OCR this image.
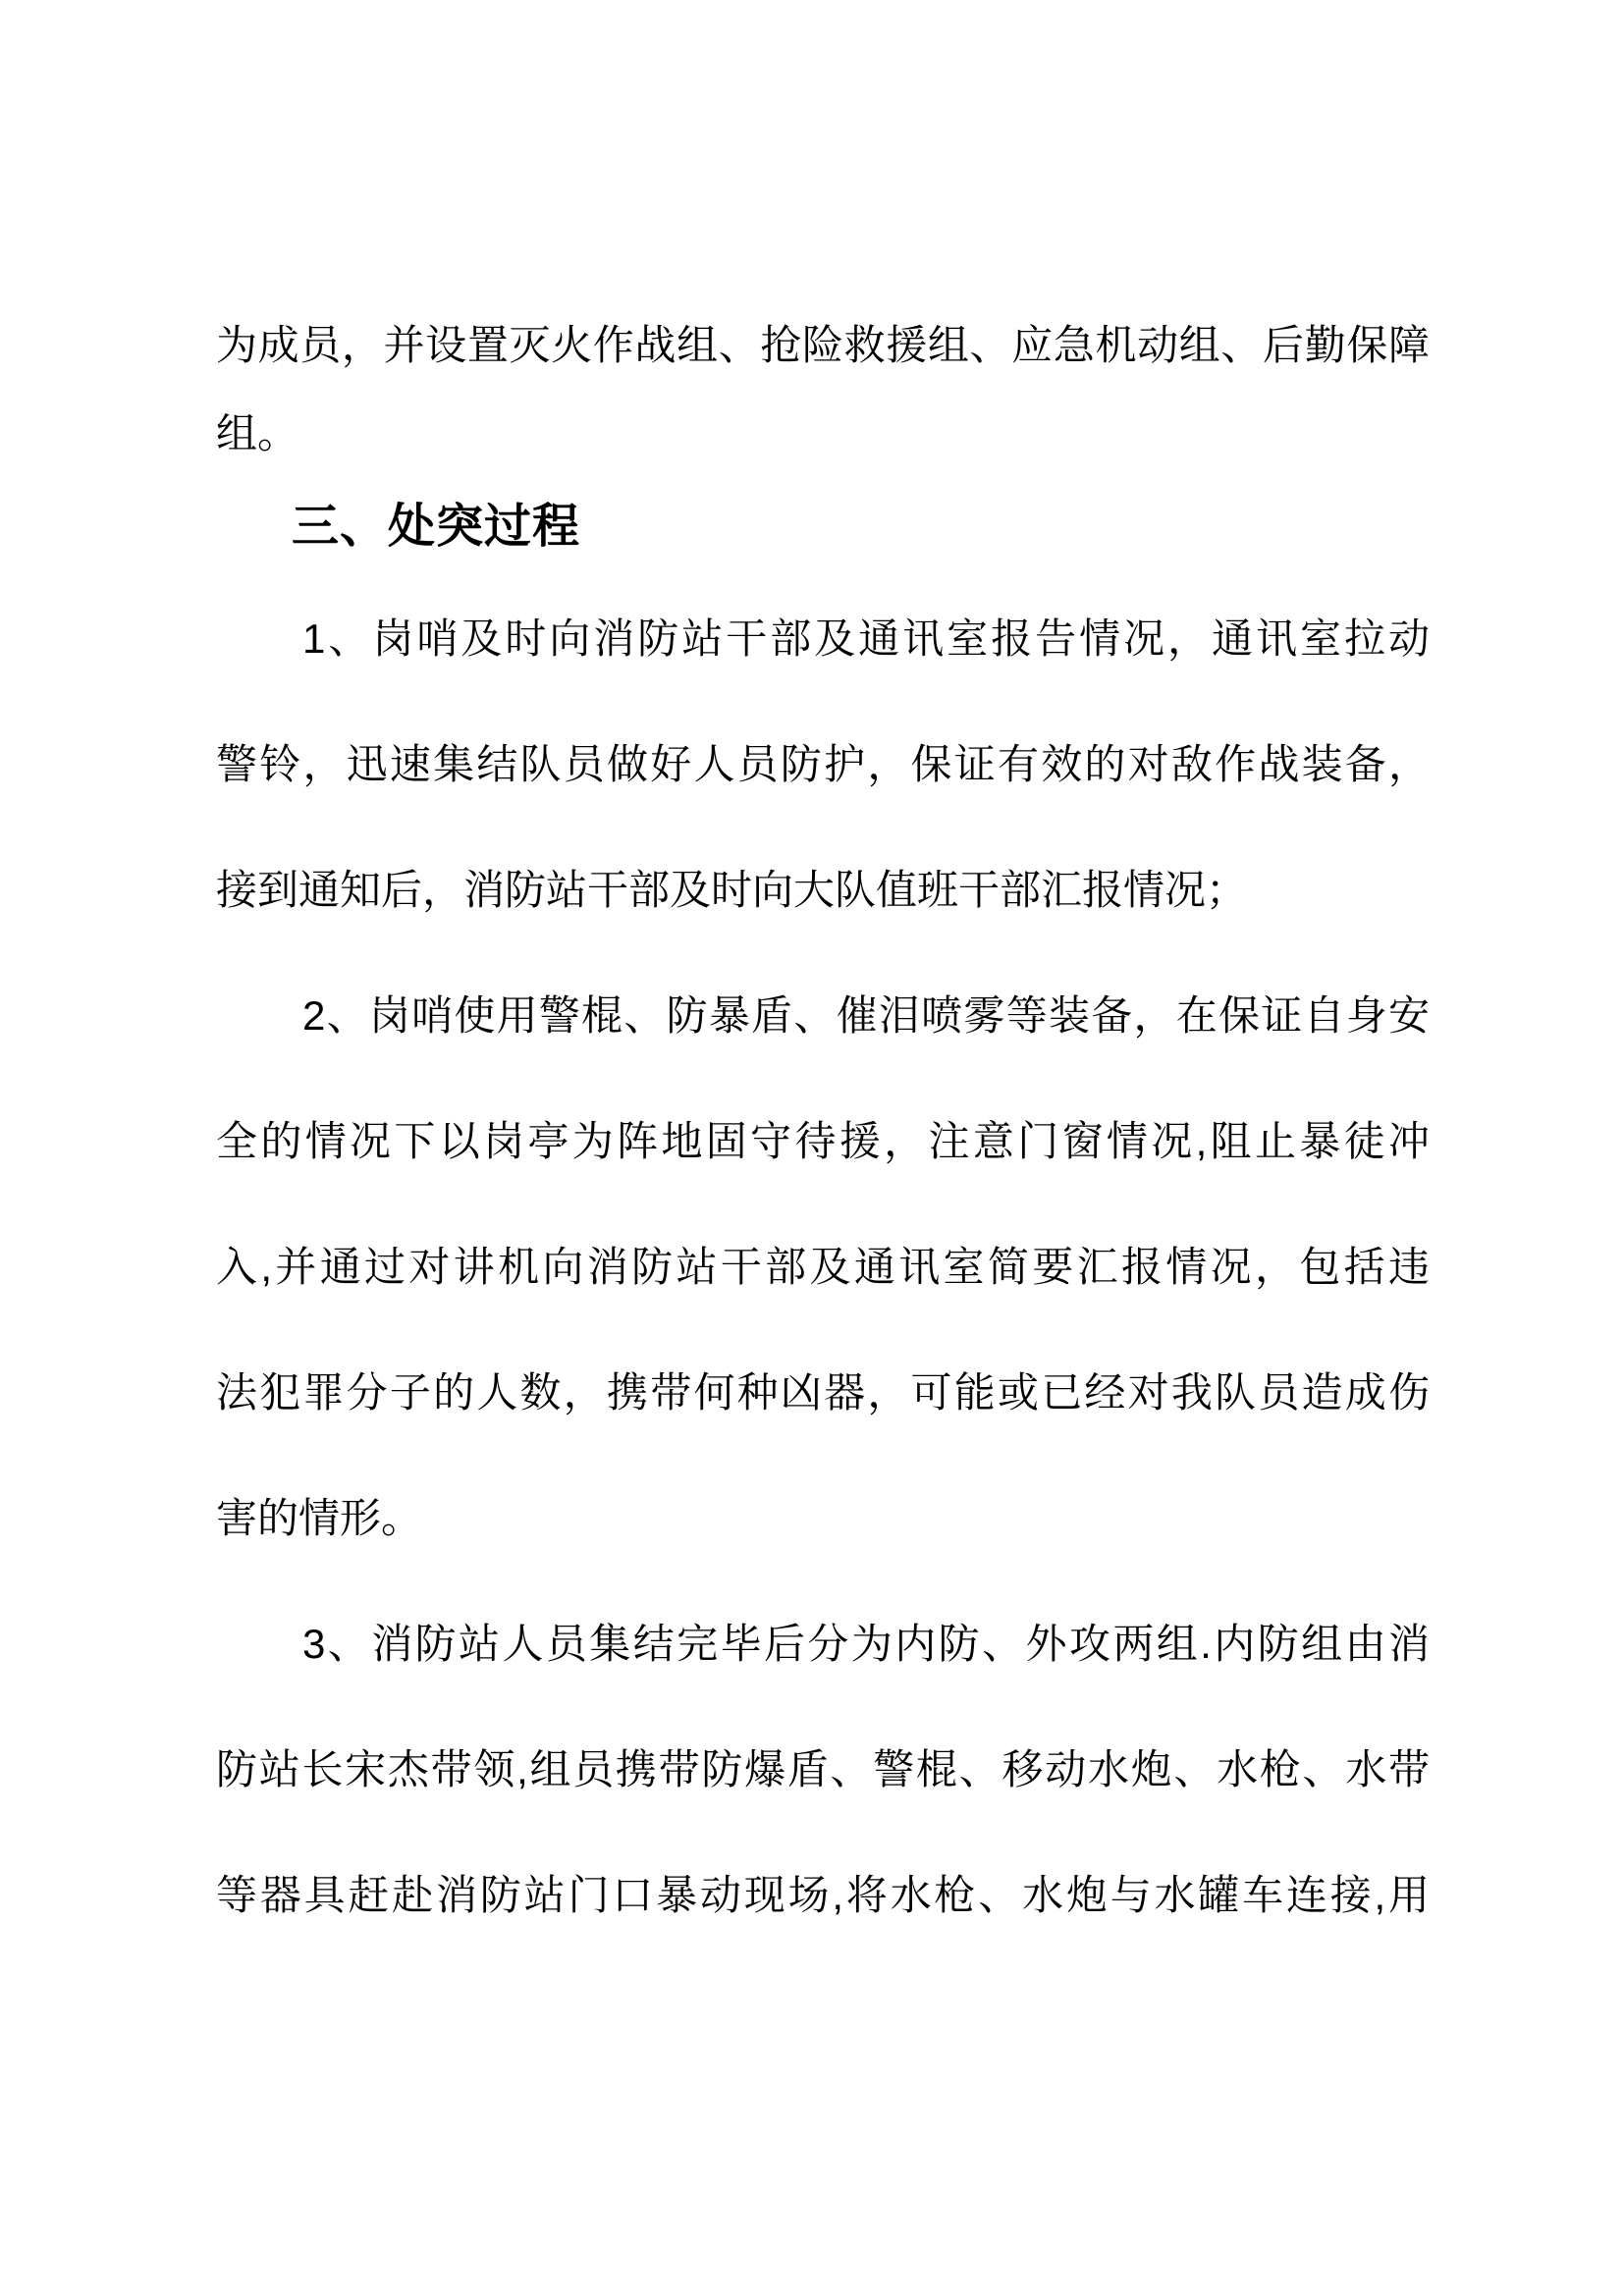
为成员，并设置灭火作战组、抢险救援组、应急机动组、后勤保障
组。

三、处突过程

1、岗哨及时向消防站干部及通讯室报告情况，通讯室拉动
警铃，迅速集结队员做好人员防护，保证有效的对敌作战装备，
接到通知后，消防站干部及时向大队值班干部汇报情况；

2、岗哨使用警棍、防暴盾、催泪喷雾等装备，在保证自身安
全的情况下以岗亭为阵地固守待援，注意门窗情况,阻止暴徒冲
入,并通过对讲机向消防站干部及通讯室简要汇报情况，包括违
法犯罪分子的人数，携带何种凶器，可能或已经对我队员造成伤
害的情形。

3、消防站人员集结完毕后分为内防、外攻两组.内防组由消
防站长宋杰带领,组员携带防爆盾、警棍、移动水炮、水枪、水带
等器具赶赴消防站门口暴动现场,将水枪、水炮与水罐车连接,用
